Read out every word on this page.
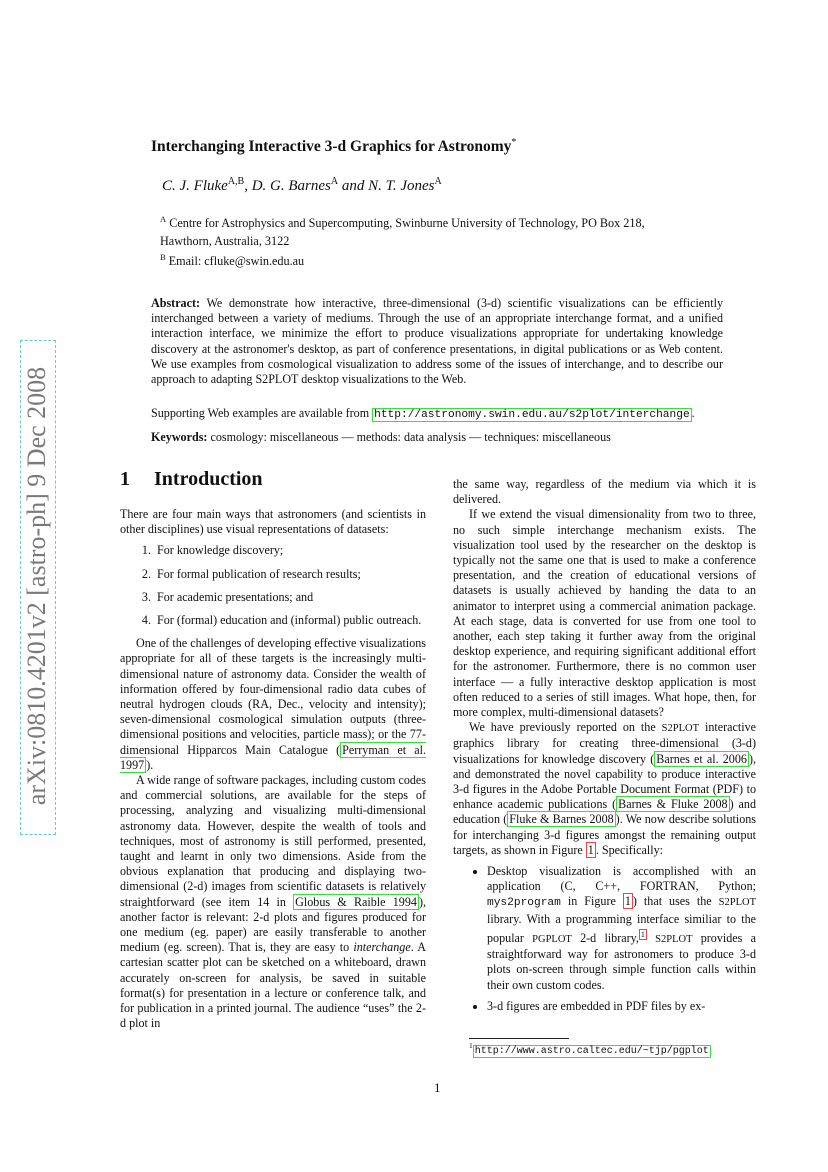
arXiv:0810.4201v2 [astro-ph] 9 Dec 2008
Interchanging Interactive 3-d Graphics for Astronomy*
C. J. Fluke$^{A,B}$, D. G. Barnes$^A$ and N. T. Jones$^A$
$^A$ Centre for Astrophysics and Supercomputing, Swinburne University of Technology, PO Box 218,
Hawthorn, Australia, 3122
$^B$ Email: cfluke@swin.edu.au
Abstract: We demonstrate how interactive, three-dimensional (3-d) scientific visualizations can be efficiently interchanged between a variety of mediums. Through the use of an appropriate interchange format, and a unified interaction interface, we minimize the effort to produce visualizations appropriate for undertaking knowledge discovery at the astronomer's desktop, as part of conference presentations, in digital publications or as Web content. We use examples from cosmological visualization to address some of the issues of interchange, and to describe our approach to adapting S2PLOT desktop visualizations to the Web.
Supporting Web examples are available from http://astronomy.swin.edu.au/s2plot/interchange .
Keywords: cosmology: miscellaneous — methods: data analysis — techniques: miscellaneous
1 Introduction

There are four main ways that astronomers (and scientists in other disciplines) use visual representations of datasets:

1. For knowledge discovery;
2. For formal publication of research results;
3. For academic presentations; and
4. For (formal) education and (informal) public outreach.

One of the challenges of developing effective visualizations appropriate for all of these targets is the increasingly multi-dimensional nature of astronomy data. Consider the wealth of information offered by four-dimensional radio data cubes of neutral hydrogen clouds (RA, Dec., velocity and intensity); seven-dimensional cosmological simulation outputs (three-dimensional positions and velocities, particle mass); or the 77-dimensional Hipparcos Main Catalogue ( Perryman et al. 1997 ).

A wide range of software packages, including custom codes and commercial solutions, are available for the steps of processing, analyzing and visualizing multi-dimensional astronomy data. However, despite the wealth of tools and techniques, most of astronomy is still performed, presented, taught and learnt in only two dimensions. Aside from the obvious explanation that producing and displaying two-dimensional (2-d) images from scientific datasets is relatively straightforward (see item 14 in Globus & Raible 1994 ), another factor is relevant: 2-d plots and figures produced for one medium (eg. paper) are easily transferable to another medium (eg. screen). That is, they are easy to interchange. A cartesian scatter plot can be sketched on a whiteboard, drawn accurately on-screen for analysis, be saved in suitable format(s) for presentation in a lecture or conference talk, and for publication in a printed journal. The audience “uses” the 2-d plot in

the same way, regardless of the medium via which it is delivered.

If we extend the visual dimensionality from two to three, no such simple interchange mechanism exists. The visualization tool used by the researcher on the desktop is typically not the same one that is used to make a conference presentation, and the creation of educational versions of datasets is usually achieved by handing the data to an animator to interpret using a commercial animation package. At each stage, data is converted for use from one tool to another, each step taking it further away from the original desktop experience, and requiring significant additional effort for the astronomer. Furthermore, there is no common user interface — a fully interactive desktop application is most often reduced to a series of still images. What hope, then, for more complex, multi-dimensional datasets?

We have previously reported on the S2PLOT interactive graphics library for creating three-dimensional (3-d) visualizations for knowledge discovery ( Barnes et al. 2006 ), and demonstrated the novel capability to produce interactive 3-d figures in the Adobe Portable Document Format (PDF) to enhance academic publications ( Barnes & Fluke 2008 ) and education ( Fluke & Barnes 2008 ). We now describe solutions for interchanging 3-d figures amongst the remaining output targets, as shown in Figure 1 . Specifically:

• Desktop visualization is accomplished with an application (C, C++, FORTRAN, Python; mys2program in Figure 1 ) that uses the S2PLOT library. With a programming interface similiar to the popular PGPLOT 2-d library, $^1$ S2PLOT provides a straightforward way for astronomers to produce 3-d plots on-screen through simple function calls within their own custom codes.
• 3-d figures are embedded in PDF files by ex-
$^1$ http://www.astro.caltec.edu/~tjp/pgplot
1
